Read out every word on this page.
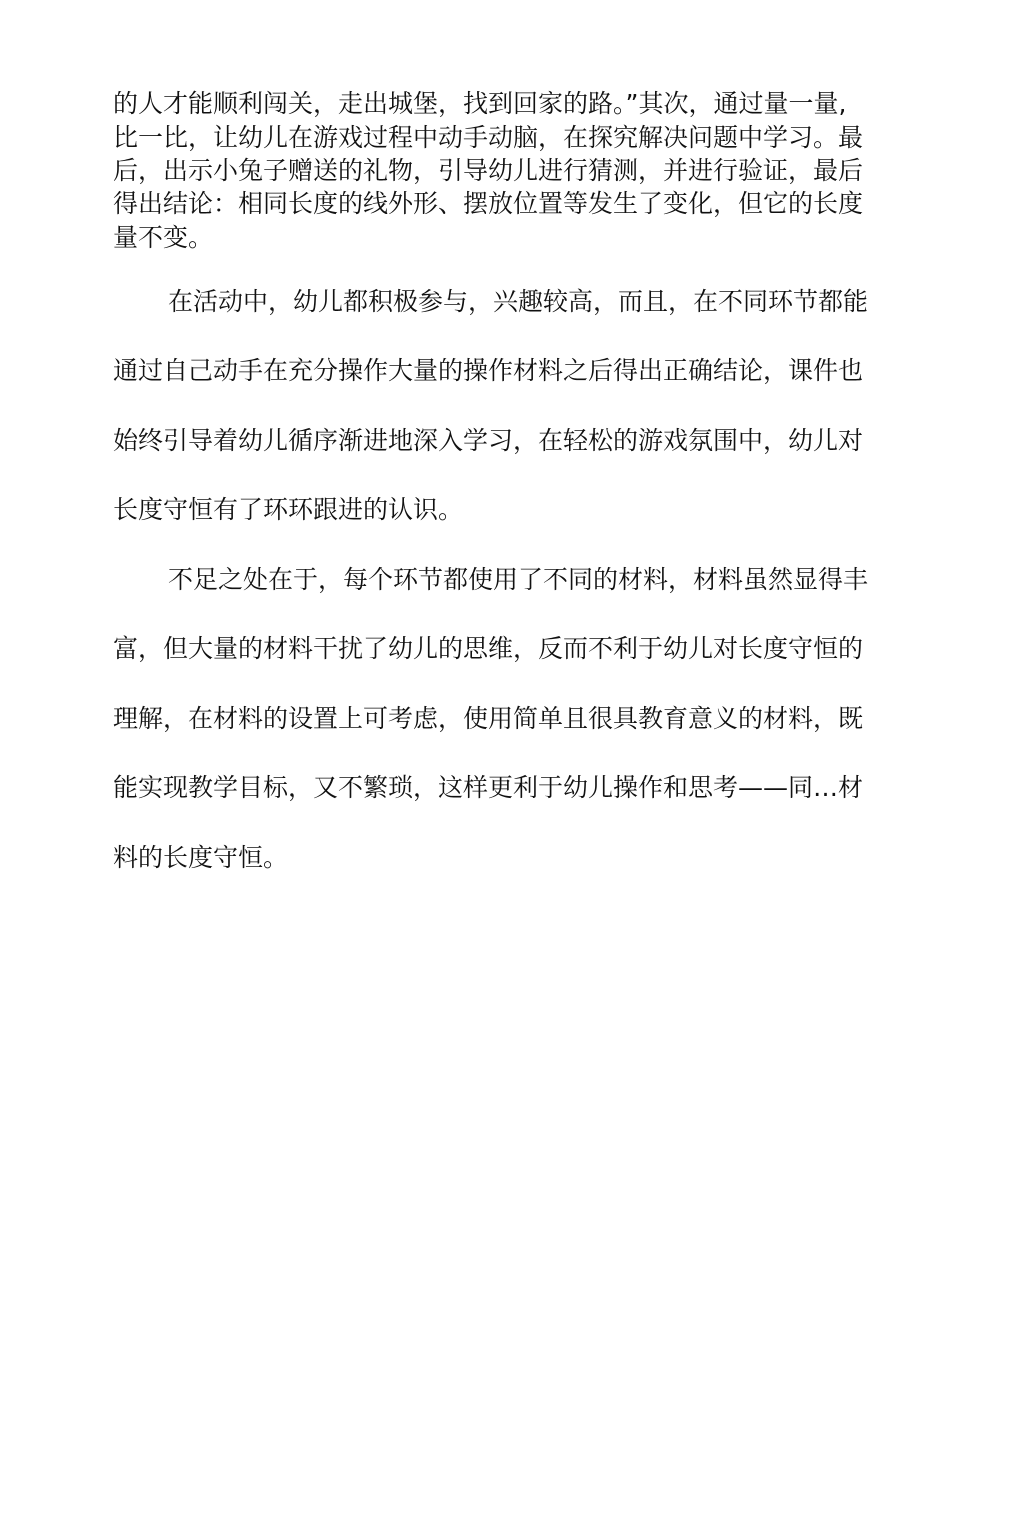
的人才能顺利闯关，走出城堡，找到回家的路。”其次，通过量一量,
比一比，让幼儿在游戏过程中动手动脑，在探究解决问题中学习。最
后，出示小兔子赠送的礼物，引导幼儿进行猜测，并进行验证，最后
得出结论：相同长度的线外形、摆放位置等发生了变化，但它的长度
量不变。
在活动中，幼儿都积极参与，兴趣较高，而且，在不同环节都能
通过自己动手在充分操作大量的操作材料之后得出正确结论，课件也
始终引导着幼儿循序渐进地深入学习，在轻松的游戏氛围中，幼儿对
长度守恒有了环环跟进的认识。
不足之处在于，每个环节都使用了不同的材料，材料虽然显得丰
富，但大量的材料干扰了幼儿的思维，反而不利于幼儿对长度守恒的
理解，在材料的设置上可考虑，使用简单且很具教育意义的材料，既
能实现教学目标，又不繁琐，这样更利于幼儿操作和思考——同…材
料的长度守恒。
